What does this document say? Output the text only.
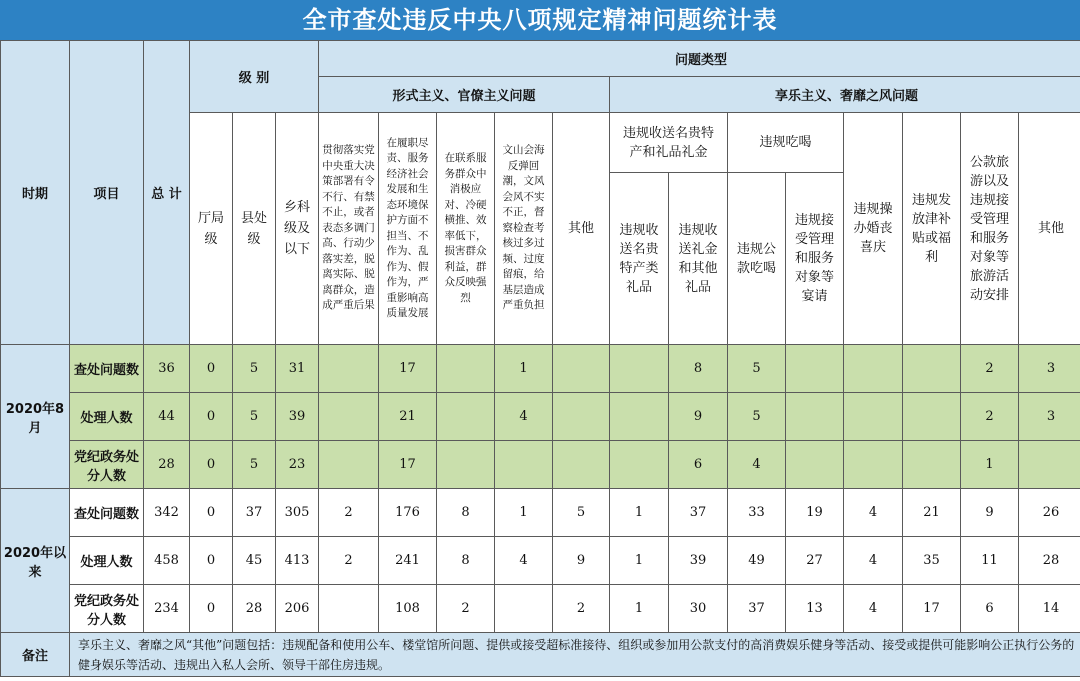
全市查处违反中央八项规定精神问题统计表
时期	项目	总 计	级 别			问题类型												
						形式主义、官僚主义问题					享乐主义、奢靡之风问题							
			厅局级	县处级	乡科级及以下	贯彻落实党中央重大决策部署有令不行、有禁不止，或者表态多调门高、行动少落实差，脱离实际、脱离群众，造成严重后果	在履职尽责、服务经济社会发展和生态环境保护方面不担当、不作为、乱作为、假作为，严重影响高质量发展	在联系服务群众中消极应对、冷硬横推、效率低下，损害群众利益，群众反映强烈	文山会海反弹回潮，文风会风不实不正，督察检查考核过多过频、过度留痕，给基层造成严重负担	其他	违规收送名贵特产和礼品礼金		违规吃喝		违规操办婚丧喜庆	违规发放津补贴或福利	公款旅游以及违规接受管理和服务对象等旅游活动安排	其他
											违规收送名贵特产类礼品	违规收送礼金和其他礼品	违规公款吃喝	违规接受管理和服务对象等宴请				
2020年8月	查处问题数	36	0	5	31		17		1			8	5				2	3
	处理人数	44	0	5	39		21		4			9	5				2	3
	党纪政务处分人数	28	0	5	23		17					6	4				1	
2020年以来	查处问题数	342	0	37	305	2	176	8	1	5	1	37	33	19	4	21	9	26
	处理人数	458	0	45	413	2	241	8	4	9	1	39	49	27	4	35	11	28
	党纪政务处分人数	234	0	28	206		108	2		2	1	30	37	13	4	17	6	14
备注	享乐主义、奢靡之风“其他”问题包括：违规配备和使用公车、楼堂馆所问题、提供或接受超标准接待、组织或参加用公款支付的高消费娱乐健身等活动、接受或提供可能影响公正执行公务的健身娱乐等活动、违规出入私人会所、领导干部住房违规。																	
